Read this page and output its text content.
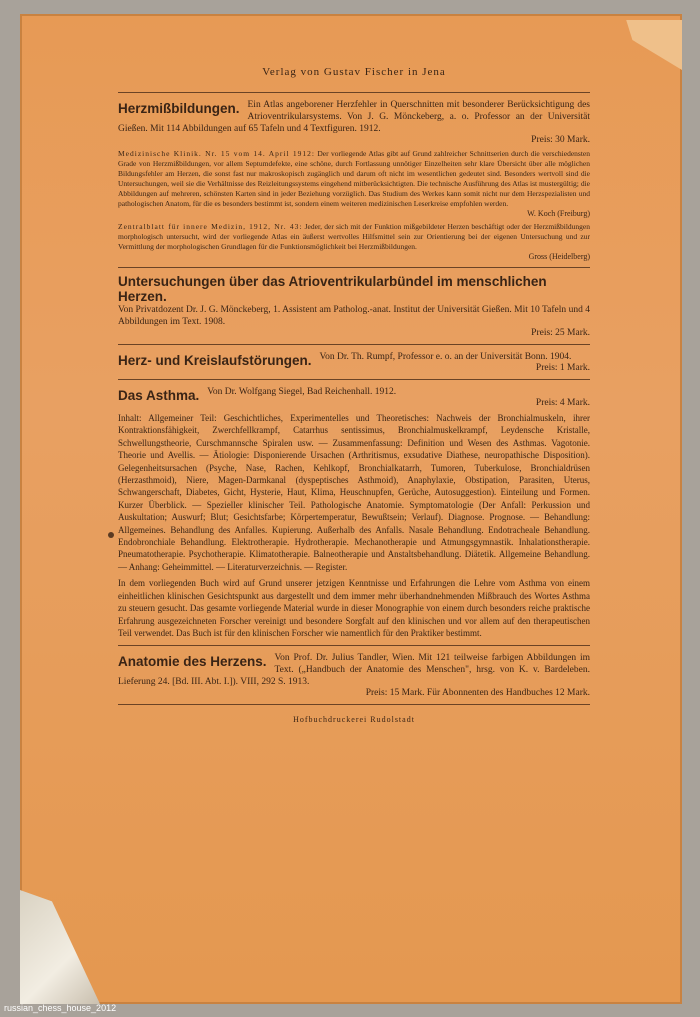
Verlag von Gustav Fischer in Jena
Herzmißbildungen. Ein Atlas angeborener Herzfehler in Querschnitten mit besonderer Berücksichtigung des Atrioventrikularsystems. Von J. G. Mönckeberg, a. o. Professor an der Universität Gießen. Mit 114 Abbildungen auf 65 Tafeln und 4 Textfiguren. 1912.
Preis: 30 Mark.
Medizinische Klinik. Nr. 15 vom 14. April 1912: Der vorliegende Atlas gibt auf Grund zahlreicher Schnittserien durch die verschiedensten Grade von Herzmißbildungen, vor allem Septumdefekte, eine schöne, durch Fortlassung unnötiger Einzelheiten sehr klare Übersicht über alle möglichen Bildungsfehler am Herzen, die sonst fast nur makroskopisch zugänglich und darum oft nicht im wesentlichen gedeutet sind. Besonders wertvoll sind die Untersuchungen, weil sie die Verhältnisse des Reizleitungssystems eingehend mitberücksichtigten. Die technische Ausführung des Atlas ist mustergültig; die Abbildungen auf mehreren, schönsten Karten sind in jeder Beziehung vorzüglich. Das Studium des Werkes kann somit nicht nur dem Herzspezialisten und pathologischen Anatom, für die es besonders bestimmt ist, sondern einem weiteren medizinischen Leserkreise empfohlen werden.
W. Koch (Freiburg)
Zentralblatt für innere Medizin, 1912, Nr. 43: Jeder, der sich mit der Funktion mißgebildeter Herzen beschäftigt oder der Herzmißbildungen morphologisch untersucht, wird der vorliegende Atlas ein äußerst wertvolles Hilfsmittel sein zur Orientierung bei der eigenen Untersuchung und zur Vermittlung der morphologischen Grundlagen für die Funktionsmöglichkeit bei Herzmißbildungen.
Gross (Heidelberg)
Untersuchungen über das Atrioventrikularbündel im menschlichen Herzen.
Von Privatdozent Dr. J. G. Mönckeberg, 1. Assistent am Patholog.-anat. Institut der Universität Gießen. Mit 10 Tafeln und 4 Abbildungen im Text. 1908.
Preis: 25 Mark.
Herz- und Kreislaufstörungen. Von Dr. Th. Rumpf, Professor e. o. an der Universität Bonn. 1904.
Preis: 1 Mark.
Das Asthma. Von Dr. Wolfgang Siegel, Bad Reichenhall. 1912.
Preis: 4 Mark.
Inhalt: Allgemeiner Teil: Geschichtliches, Experimentelles und Theoretisches: Nachweis der Bronchialmuskeln, ihrer Kontraktionsfähigkeit, Zwerchfellkrampf, Catarrhus sentissimus, Bronchialmuskelkrampf, Leydensche Kristalle, Schwellungstheorie, Curschmannsche Spiralen usw. — Zusammenfassung: Definition und Wesen des Asthmas. Vagotonie. Theorie und Avellis. — Ätiologie: Disponierende Ursachen (Arthritismus, exsudative Diathese, neuropathische Disposition). Gelegenheitsursachen (Psyche, Nase, Rachen, Kehlkopf, Bronchialkatarrh, Tumoren, Tuberkulose, Bronchialdrüsen (Herzasthmoid), Niere, Magen-Darmkanal (dyspeptisches Asthmoid), Anaphylaxie, Obstipation, Parasiten, Uterus, Schwangerschaft, Diabetes, Gicht, Hysterie, Haut, Klima, Heuschnupfen, Gerüche, Autosuggestion). Einteilung und Formen. Kurzer Überblick. — Spezieller klinischer Teil. Pathologische Anatomie. Symptomatologie (Der Anfall: Perkussion und Auskultation; Auswurf; Blut; Gesichtsfarbe; Körpertemperatur, Bewußtsein; Verlauf). Diagnose. Prognose. — Behandlung: Allgemeines. Behandlung des Anfalles. Kupierung. Außerhalb des Anfalls. Nasale Behandlung. Endotracheale Behandlung. Endobronchiale Behandlung. Elektrotherapie. Hydrotherapie. Mechanotherapie und Atmungsgymnastik. Inhalationstherapie. Pneumatotherapie. Psychotherapie. Klimatotherapie. Balneotherapie und Anstaltsbehandlung. Diätetik. Allgemeine Behandlung. — Anhang: Geheimmittel. — Literaturverzeichnis. — Register.
In dem vorliegenden Buch wird auf Grund unserer jetzigen Kenntnisse und Erfahrungen die Lehre vom Asthma von einem einheitlichen klinischen Gesichtspunkt aus dargestellt und dem immer mehr überhandnehmenden Mißbrauch des Wortes Asthma zu steuern gesucht. Das gesamte vorliegende Material wurde in dieser Monographie von einem durch besonders reiche praktische Erfahrung ausgezeichneten Forscher vereinigt und besondere Sorgfalt auf den klinischen und vor allem auf den therapeutischen Teil verwendet. Das Buch ist für den klinischen Forscher wie namentlich für den Praktiker bestimmt.
Anatomie des Herzens. Von Prof. Dr. Julius Tandler, Wien. Mit 121 teilweise farbigen Abbildungen im Text. („Handbuch der Anatomie des Menschen", hrsg. von K. v. Bardeleben. Lieferung 24. [Bd. III. Abt. I.]). VIII, 292 S. 1913.
Preis: 15 Mark. Für Abonnenten des Handbuches 12 Mark.
Hofbuchdruckerei Rudolstadt
russian_chess_house_2012
